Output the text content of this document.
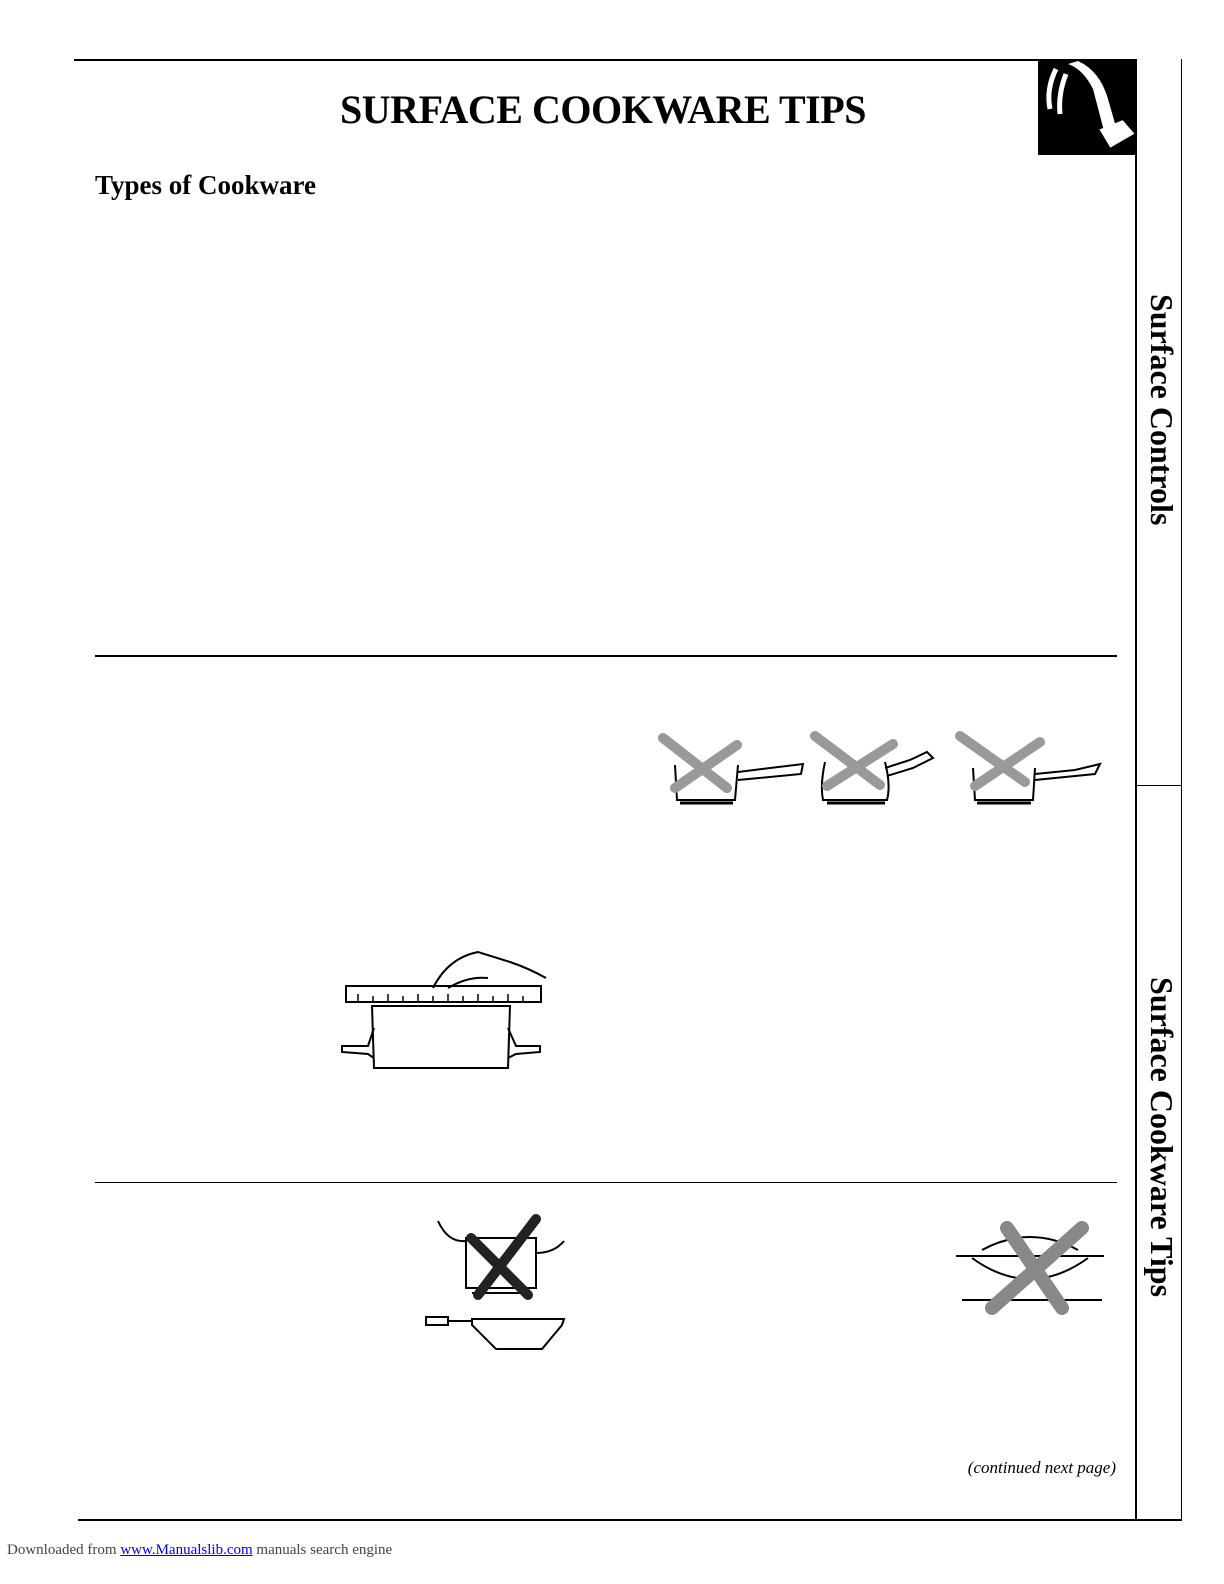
SURFACE COOKWARE TIPS
Types of Cookware
Surface Controls
Surface Cookware Tips
(continued next page)
Downloaded from www.Manualslib.com manuals search engine
